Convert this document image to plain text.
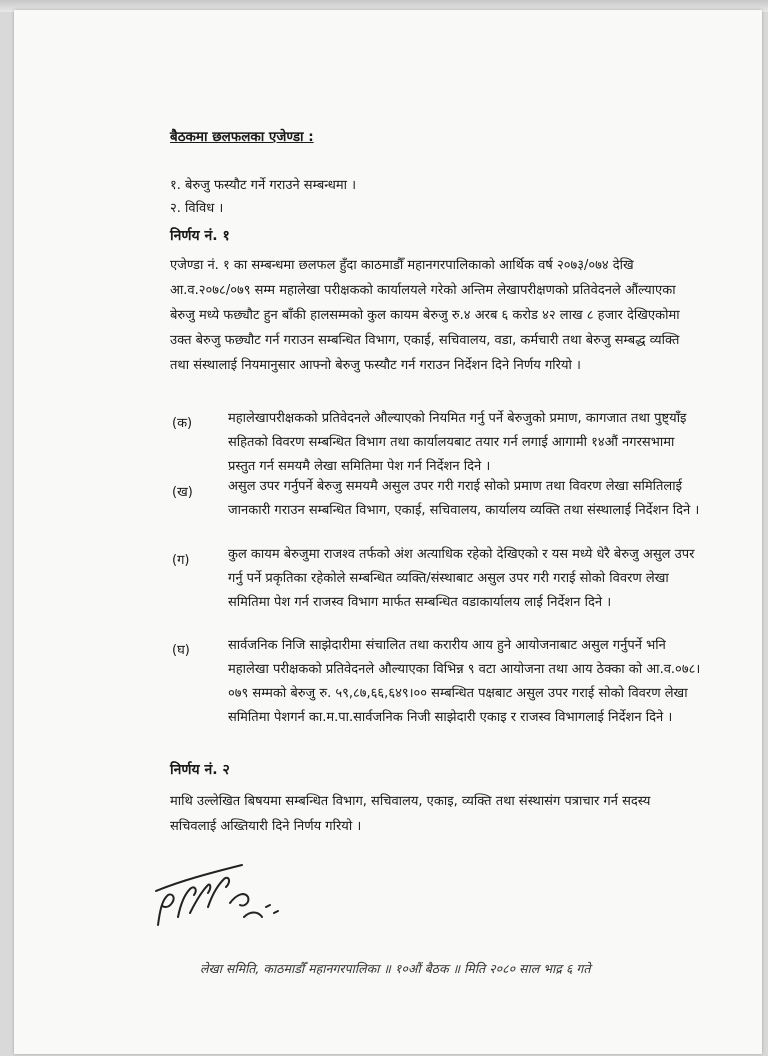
बैठकमा छलफलका एजेण्डा :
१. बेरुजु फस्यौट गर्ने गराउने सम्बन्धमा ।
२. विविध ।
निर्णय नं. १
एजेण्डा नं. १ का सम्बन्धमा छलफल हुँदा काठमाडौँ महानगरपालिकाको आर्थिक वर्ष २०७३/०७४ देखि आ.व.२०७८/०७९ सम्म महालेखा परीक्षकको कार्यालयले गरेको अन्तिम लेखापरीक्षणको प्रतिवेदनले औंल्याएका बेरुजु मध्ये फछ्यौट हुन बाँकी हालसम्मको कुल कायम बेरुजु रु.४ अरब ६ करोड ४२ लाख ८ हजार देखिएकोमा उक्त बेरुजु फछ्यौट गर्न गराउन सम्बन्धित विभाग, एकाई, सचिवालय, वडा, कर्मचारी तथा बेरुजु सम्बद्ध व्यक्ति तथा संस्थालाई नियमानुसार आफ्नो बेरुजु फस्यौट गर्न गराउन निर्देशन दिने निर्णय गरियो ।
(क)	महालेखापरीक्षकको प्रतिवेदनले औल्याएको नियमित गर्नु पर्ने बेरुजुको प्रमाण, कागजात तथा पुष्ट्याँइ सहितको विवरण सम्बन्धित विभाग तथा कार्यालयबाट तयार गर्न लगाई आगामी १४औं नगरसभामा प्रस्तुत गर्न समयमै लेखा समितिमा पेश गर्न निर्देशन दिने ।
(ख)	असुल उपर गर्नुपर्ने बेरुजु समयमै असुल उपर गरी गराई सोको प्रमाण तथा विवरण लेखा समितिलाई जानकारी गराउन सम्बन्धित विभाग, एकाई, सचिवालय, कार्यालय व्यक्ति तथा संस्थालाई निर्देशन दिने ।
(ग)	कुल कायम बेरुजुमा राजश्व तर्फको अंश अत्याधिक रहेको देखिएको र यस मध्ये धेरै बेरुजु असुल उपर गर्नु पर्ने प्रकृतिका रहेकोले सम्बन्धित व्यक्ति/संस्थाबाट असुल उपर गरी गराई सोको विवरण लेखा समितिमा पेश गर्न राजस्व विभाग मार्फत सम्बन्धित वडाकार्यालय लाई निर्देशन दिने ।
(घ)	सार्वजनिक निजि साझेदारीमा संचालित तथा करारीय आय हुने आयोजनाबाट असुल गर्नुपर्ने भनि महालेखा परीक्षकको प्रतिवेदनले औल्याएका विभिन्न ९ वटा आयोजना तथा आय ठेक्का को आ.व.०७८।०७९ सम्मको बेरुजु रु. ५९,८७,६६,६४९।०० सम्बन्धित पक्षबाट असुल उपर गराई सोको विवरण लेखा समितिमा पेशगर्न का.म.पा.सार्वजनिक निजी साझेदारी एकाइ र राजस्व विभागलाई निर्देशन दिने ।
निर्णय नं. २
माथि उल्लेखित बिषयमा सम्बन्धित विभाग, सचिवालय, एकाइ, व्यक्ति तथा संस्थासंग पत्राचार गर्न सदस्य सचिवलाई अख्तियारी दिने निर्णय गरियो ।
लेखा समिति, काठमाडौँ महानगरपालिका ॥ १०औं बैठक ॥ मिति २०८० साल भाद्र ६ गते
